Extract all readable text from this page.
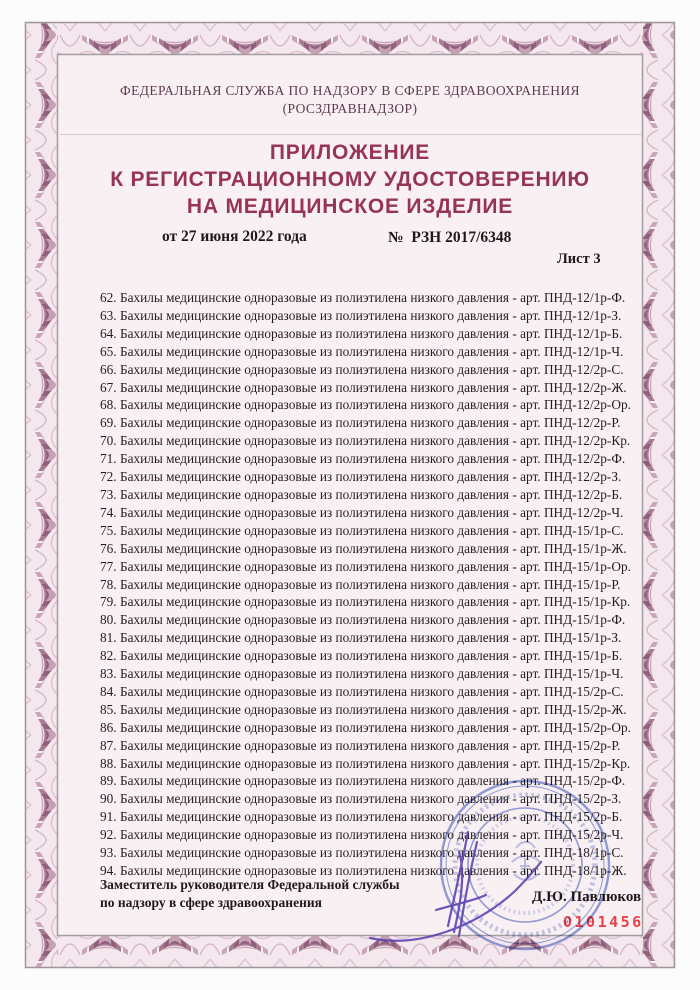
ФЕДЕРАЛЬНАЯ СЛУЖБА ПО НАДЗОРУ В СФЕРЕ ЗДРАВООХРАНЕНИЯ
(РОСЗДРАВНАДЗОР)
ПРИЛОЖЕНИЕ
К РЕГИСТРАЦИОННОМУ УДОСТОВЕРЕНИЮ
НА МЕДИЦИНСКОЕ ИЗДЕЛИЕ
от 27 июня 2022 года	№  РЗН 2017/6348
Лист 3
62. Бахилы медицинские одноразовые из полиэтилена низкого давления - арт. ПНД-12/1р-Ф.
63. Бахилы медицинские одноразовые из полиэтилена низкого давления - арт. ПНД-12/1р-З.
64. Бахилы медицинские одноразовые из полиэтилена низкого давления - арт. ПНД-12/1р-Б.
65. Бахилы медицинские одноразовые из полиэтилена низкого давления - арт. ПНД-12/1р-Ч.
66. Бахилы медицинские одноразовые из полиэтилена низкого давления - арт. ПНД-12/2р-С.
67. Бахилы медицинские одноразовые из полиэтилена низкого давления - арт. ПНД-12/2р-Ж.
68. Бахилы медицинские одноразовые из полиэтилена низкого давления - арт. ПНД-12/2р-Ор.
69. Бахилы медицинские одноразовые из полиэтилена низкого давления - арт. ПНД-12/2р-Р.
70. Бахилы медицинские одноразовые из полиэтилена низкого давления - арт. ПНД-12/2р-Кр.
71. Бахилы медицинские одноразовые из полиэтилена низкого давления - арт. ПНД-12/2р-Ф.
72. Бахилы медицинские одноразовые из полиэтилена низкого давления - арт. ПНД-12/2р-З.
73. Бахилы медицинские одноразовые из полиэтилена низкого давления - арт. ПНД-12/2р-Б.
74. Бахилы медицинские одноразовые из полиэтилена низкого давления - арт. ПНД-12/2р-Ч.
75. Бахилы медицинские одноразовые из полиэтилена низкого давления - арт. ПНД-15/1р-С.
76. Бахилы медицинские одноразовые из полиэтилена низкого давления - арт. ПНД-15/1р-Ж.
77. Бахилы медицинские одноразовые из полиэтилена низкого давления - арт. ПНД-15/1р-Ор.
78. Бахилы медицинские одноразовые из полиэтилена низкого давления - арт. ПНД-15/1р-Р.
79. Бахилы медицинские одноразовые из полиэтилена низкого давления - арт. ПНД-15/1р-Кр.
80. Бахилы медицинские одноразовые из полиэтилена низкого давления - арт. ПНД-15/1р-Ф.
81. Бахилы медицинские одноразовые из полиэтилена низкого давления - арт. ПНД-15/1р-З.
82. Бахилы медицинские одноразовые из полиэтилена низкого давления - арт. ПНД-15/1р-Б.
83. Бахилы медицинские одноразовые из полиэтилена низкого давления - арт. ПНД-15/1р-Ч.
84. Бахилы медицинские одноразовые из полиэтилена низкого давления - арт. ПНД-15/2р-С.
85. Бахилы медицинские одноразовые из полиэтилена низкого давления - арт. ПНД-15/2р-Ж.
86. Бахилы медицинские одноразовые из полиэтилена низкого давления - арт. ПНД-15/2р-Ор.
87. Бахилы медицинские одноразовые из полиэтилена низкого давления - арт. ПНД-15/2р-Р.
88. Бахилы медицинские одноразовые из полиэтилена низкого давления - арт. ПНД-15/2р-Кр.
89. Бахилы медицинские одноразовые из полиэтилена низкого давления - арт. ПНД-15/2р-Ф.
90. Бахилы медицинские одноразовые из полиэтилена низкого давления - арт. ПНД-15/2р-З.
91. Бахилы медицинские одноразовые из полиэтилена низкого давления - арт. ПНД-15/2р-Б.
92. Бахилы медицинские одноразовые из полиэтилена низкого давления - арт. ПНД-15/2р-Ч.
93. Бахилы медицинские одноразовые из полиэтилена низкого давления - арт. ПНД-18/1р-С.
94. Бахилы медицинские одноразовые из полиэтилена низкого давления - арт. ПНД-18/1р-Ж.
Заместитель руководителя Федеральной службы
по надзору в сфере здравоохранения	Д.Ю. Павлюков
0101456
